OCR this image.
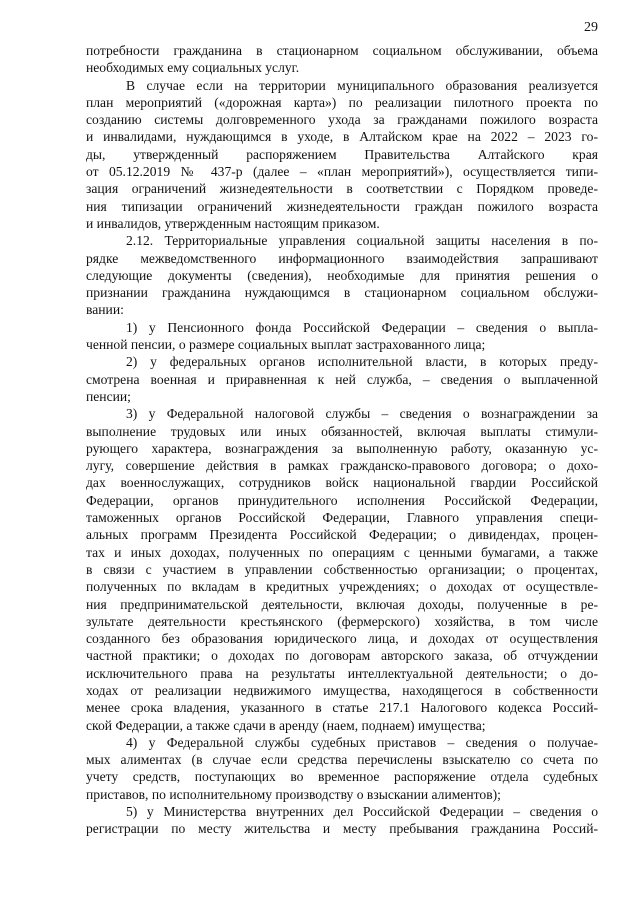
29
потребности гражданина в стационарном социальном обслуживании, объема
необходимых ему социальных услуг.
В случае если на территории муниципального образования реализуется
план мероприятий («дорожная карта») по реализации пилотного проекта по
созданию системы долговременного ухода за гражданами пожилого возраста
и инвалидами, нуждающимся в уходе, в Алтайском крае на 2022 – 2023 го-
ды, утвержденный распоряжением Правительства Алтайского края
от 05.12.2019 № 437-р (далее – «план мероприятий»), осуществляется типи-
зация ограничений жизнедеятельности в соответствии с Порядком проведе-
ния типизации ограничений жизнедеятельности граждан пожилого возраста
и инвалидов, утвержденным настоящим приказом.
2.12. Территориальные управления социальной защиты населения в по-
рядке межведомственного информационного взаимодействия запрашивают
следующие документы (сведения), необходимые для принятия решения о
признании гражданина нуждающимся в стационарном социальном обслужи-
вании:
1) у Пенсионного фонда Российской Федерации – сведения о выпла-
ченной пенсии, о размере социальных выплат застрахованного лица;
2) у федеральных органов исполнительной власти, в которых преду-
смотрена военная и приравненная к ней служба, – сведения о выплаченной
пенсии;
3) у Федеральной налоговой службы – сведения о вознаграждении за
выполнение трудовых или иных обязанностей, включая выплаты стимули-
рующего характера, вознаграждения за выполненную работу, оказанную ус-
лугу, совершение действия в рамках гражданско-правового договора; о дохо-
дах военнослужащих, сотрудников войск национальной гвардии Российской
Федерации, органов принудительного исполнения Российской Федерации,
таможенных органов Российской Федерации, Главного управления специ-
альных программ Президента Российской Федерации; о дивидендах, процен-
тах и иных доходах, полученных по операциям с ценными бумагами, а также
в связи с участием в управлении собственностью организации; о процентах,
полученных по вкладам в кредитных учреждениях; о доходах от осуществле-
ния предпринимательской деятельности, включая доходы, полученные в ре-
зультате деятельности крестьянского (фермерского) хозяйства, в том числе
созданного без образования юридического лица, и доходах от осуществления
частной практики; о доходах по договорам авторского заказа, об отчуждении
исключительного права на результаты интеллектуальной деятельности; о до-
ходах от реализации недвижимого имущества, находящегося в собственности
менее срока владения, указанного в статье 217.1 Налогового кодекса Россий-
ской Федерации, а также сдачи в аренду (наем, поднаем) имущества;
4) у Федеральной службы судебных приставов – сведения о получае-
мых алиментах (в случае если средства перечислены взыскателю со счета по
учету средств, поступающих во временное распоряжение отдела судебных
приставов, по исполнительному производству о взыскании алиментов);
5) у Министерства внутренних дел Российской Федерации – сведения о
регистрации по месту жительства и месту пребывания гражданина Россий-
